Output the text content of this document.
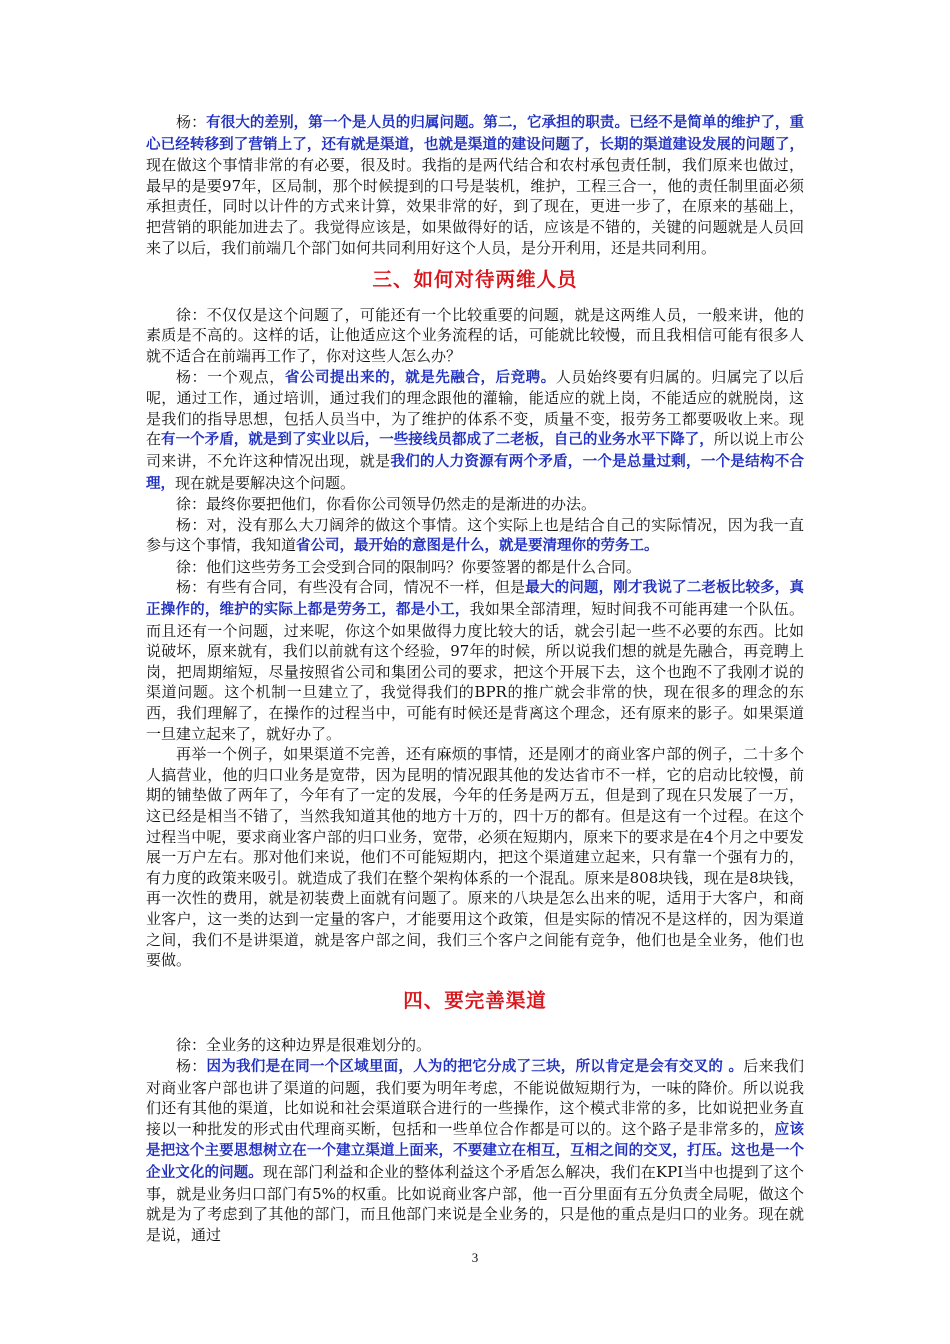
杨：有很大的差别，第一个是人员的归属问题。第二，它承担的职责。已经不是简单的维护了，重心已经转移到了营销上了，还有就是渠道，也就是渠道的建设问题了，长期的渠道建设发展的问题了，现在做这个事情非常的有必要，很及时。我指的是两代结合和农村承包责任制，我们原来也做过，最早的是要97年，区局制，那个时候提到的口号是装机，维护，工程三合一，他的责任制里面必须承担责任，同时以计件的方式来计算，效果非常的好，到了现在，更进一步了，在原来的基础上，把营销的职能加进去了。我觉得应该是，如果做得好的话，应该是不错的，关键的问题就是人员回来了以后，我们前端几个部门如何共同利用好这个人员，是分开利用，还是共同利用。

三、如何对待两维人员

徐：不仅仅是这个问题了，可能还有一个比较重要的问题，就是这两维人员，一般来讲，他的素质是不高的。这样的话，让他适应这个业务流程的话，可能就比较慢，而且我相信可能有很多人就不适合在前端再工作了，你对这些人怎么办？

杨：一个观点，省公司提出来的，就是先融合，后竞聘。人员始终要有归属的。归属完了以后呢，通过工作，通过培训，通过我们的理念跟他的灌输，能适应的就上岗，不能适应的就脱岗，这是我们的指导思想，包括人员当中，为了维护的体系不变，质量不变，报劳务工都要吸收上来。现在有一个矛盾，就是到了实业以后，一些接线员都成了二老板，自己的业务水平下降了，所以说上市公司来讲，不允许这种情况出现，就是我们的人力资源有两个矛盾，一个是总量过剩，一个是结构不合理，现在就是要解决这个问题。

徐：最终你要把他们，你看你公司领导仍然走的是渐进的办法。

杨：对，没有那么大刀阔斧的做这个事情。这个实际上也是结合自己的实际情况，因为我一直参与这个事情，我知道省公司，最开始的意图是什么，就是要清理你的劳务工。

徐：他们这些劳务工会受到合同的限制吗？你要签署的都是什么合同。

杨：有些有合同，有些没有合同，情况不一样，但是最大的问题，刚才我说了二老板比较多，真正操作的，维护的实际上都是劳务工，都是小工，我如果全部清理，短时间我不可能再建一个队伍。而且还有一个问题，过来呢，你这个如果做得力度比较大的话，就会引起一些不必要的东西。比如说破坏，原来就有，我们以前就有这个经验，97年的时候，所以说我们想的就是先融合，再竞聘上岗，把周期缩短，尽量按照省公司和集团公司的要求，把这个开展下去，这个也跑不了我刚才说的渠道问题。这个机制一旦建立了，我觉得我们的BPR的推广就会非常的快，现在很多的理念的东西，我们理解了，在操作的过程当中，可能有时候还是背离这个理念，还有原来的影子。如果渠道一旦建立起来了，就好办了。

再举一个例子，如果渠道不完善，还有麻烦的事情，还是刚才的商业客户部的例子，二十多个人搞营业，他的归口业务是宽带，因为昆明的情况跟其他的发达省市不一样，它的启动比较慢，前期的铺垫做了两年了，今年有了一定的发展，今年的任务是两万五，但是到了现在只发展了一万，这已经是相当不错了，当然我知道其他的地方十万的，四十万的都有。但是这有一个过程。在这个过程当中呢，要求商业客户部的归口业务，宽带，必须在短期内，原来下的要求是在4个月之中要发展一万户左右。那对他们来说，他们不可能短期内，把这个渠道建立起来，只有靠一个强有力的，有力度的政策来吸引。就造成了我们在整个架构体系的一个混乱。原来是808块钱，现在是8块钱，再一次性的费用，就是初装费上面就有问题了。原来的八块是怎么出来的呢，适用于大客户，和商业客户，这一类的达到一定量的客户，才能要用这个政策，但是实际的情况不是这样的，因为渠道之间，我们不是讲渠道，就是客户部之间，我们三个客户之间能有竞争，他们也是全业务，他们也要做。

四、要完善渠道

徐：全业务的这种边界是很难划分的。

杨：因为我们是在同一个区域里面，人为的把它分成了三块，所以肯定是会有交叉的 。后来我们对商业客户部也讲了渠道的问题，我们要为明年考虑，不能说做短期行为，一味的降价。所以说我们还有其他的渠道，比如说和社会渠道联合进行的一些操作，这个模式非常的多，比如说把业务直接以一种批发的形式由代理商买断，包括和一些单位合作都是可以的。这个路子是非常多的，应该是把这个主要思想树立在一个建立渠道上面来，不要建立在相互，互相之间的交叉，打压。这也是一个企业文化的问题。现在部门利益和企业的整体利益这个矛盾怎么解决，我们在KPI当中也提到了这个事，就是业务归口部门有5%的权重。比如说商业客户部，他一百分里面有五分负责全局呢，做这个就是为了考虑到了其他的部门，而且他部门来说是全业务的，只是他的重点是归口的业务。现在就是说，通过

3
